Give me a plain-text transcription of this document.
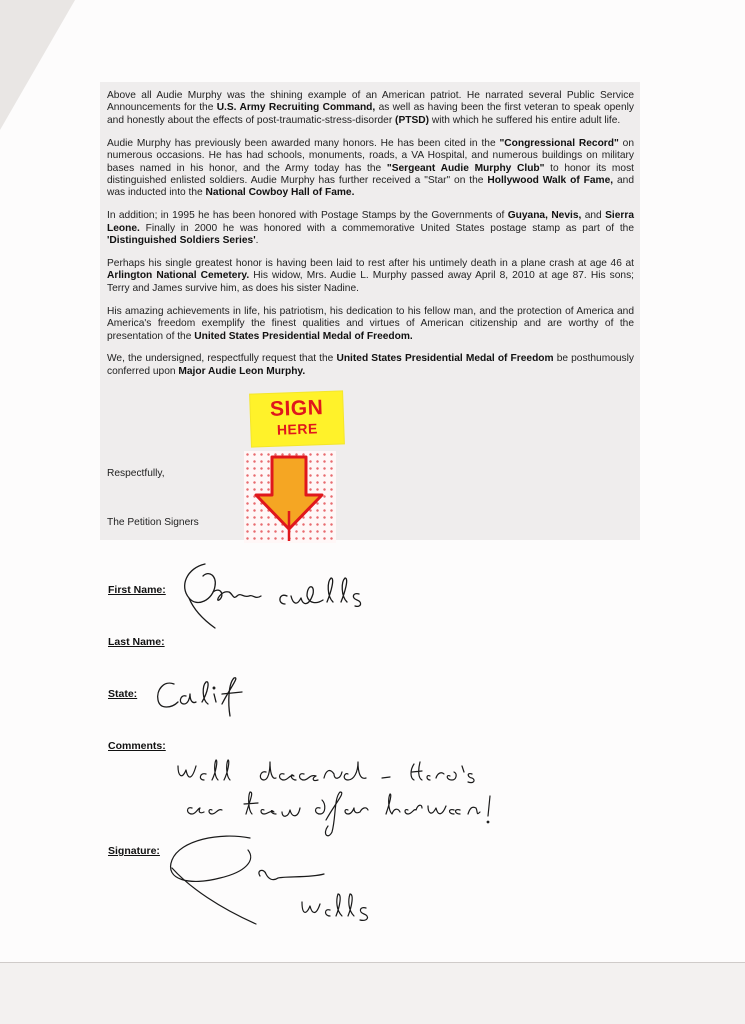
Above all Audie Murphy was the shining example of an American patriot. He narrated several Public Service Announcements for the U.S. Army Recruiting Command, as well as having been the first veteran to speak openly and honestly about the effects of post-traumatic-stress-disorder (PTSD) with which he suffered his entire adult life.

Audie Murphy has previously been awarded many honors. He has been cited in the "Congressional Record" on numerous occasions. He has had schools, monuments, roads, a VA Hospital, and numerous buildings on military bases named in his honor, and the Army today has the "Sergeant Audie Murphy Club" to honor its most distinguished enlisted soldiers. Audie Murphy has further received a "Star" on the Hollywood Walk of Fame, and was inducted into the National Cowboy Hall of Fame.

In addition; in 1995 he has been honored with Postage Stamps by the Governments of Guyana, Nevis, and Sierra Leone. Finally in 2000 he was honored with a commemorative United States postage stamp as part of the 'Distinguished Soldiers Series'.

Perhaps his single greatest honor is having been laid to rest after his untimely death in a plane crash at age 46 at Arlington National Cemetery. His widow, Mrs. Audie L. Murphy passed away April 8, 2010 at age 87. His sons; Terry and James survive him, as does his sister Nadine.

His amazing achievements in life, his patriotism, his dedication to his fellow man, and the protection of America and America's freedom exemplify the finest qualities and virtues of American citizenship and are worthy of the presentation of the United States Presidential Medal of Freedom.

We, the undersigned, respectfully request that the United States Presidential Medal of Freedom be posthumously conferred upon Major Audie Leon Murphy.

Respectfully,
The Petition Signers
SIGN
HERE
First Name:
Last Name:
State:
Comments:
Signature:
